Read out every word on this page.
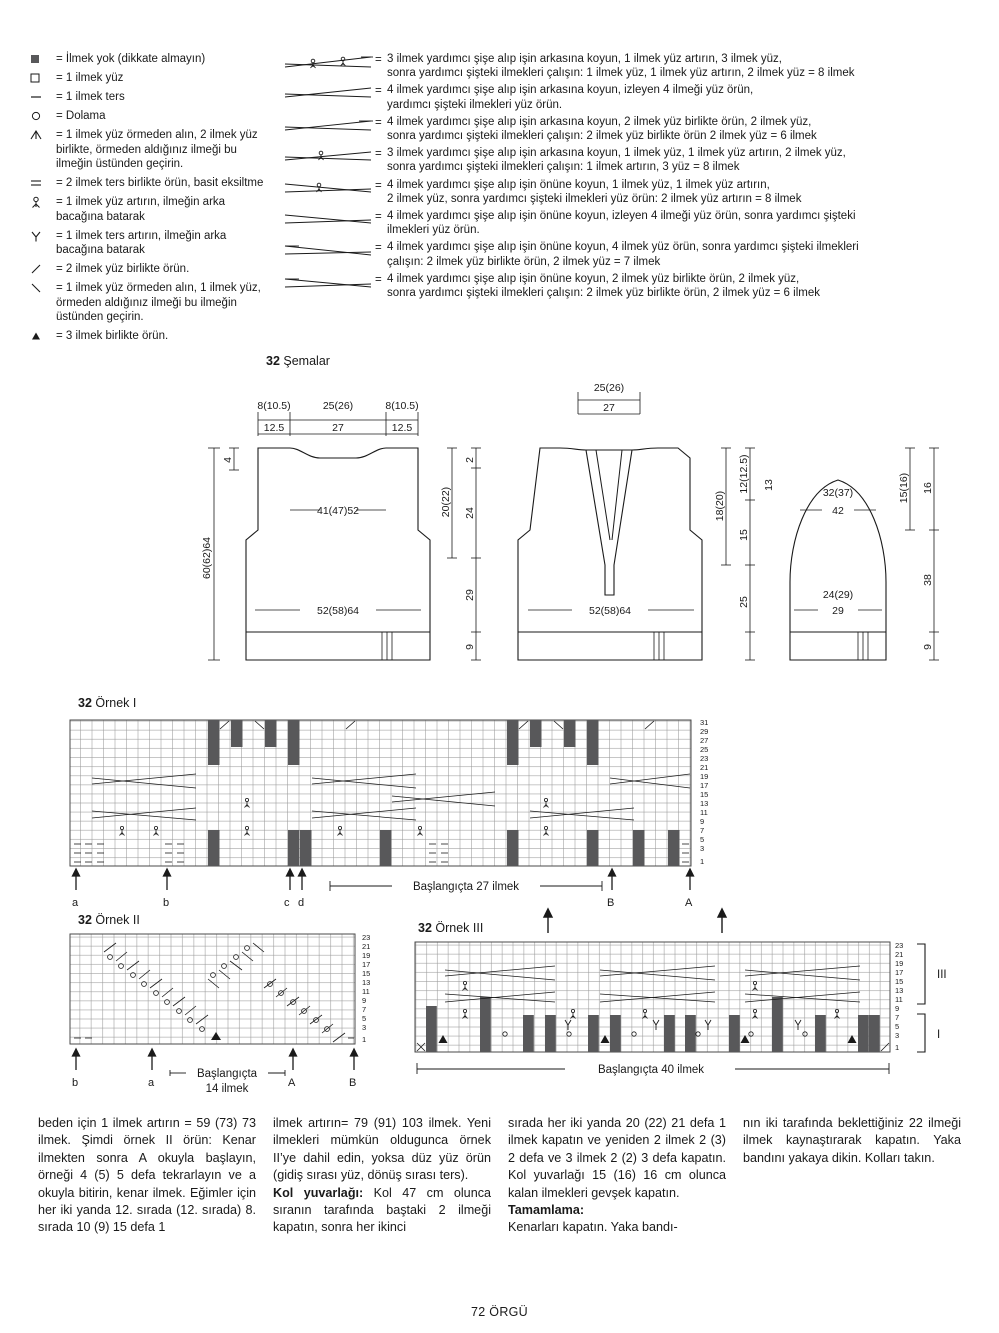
= İlmek yok (dikkate almayın)
= 1 ilmek yüz
= 1 ilmek ters
= Dolama
= 1 ilmek yüz örmeden alın, 2 ilmek yüz birlikte, örmeden aldığınız ilmeği bu ilmeğin üstünden geçirin.
= 2 ilmek ters birlikte örün, basit eksiltme
= 1 ilmek yüz artırın, ilmeğin arka bacağına batarak
= 1 ilmek ters artırın, ilmeğin arka bacağına batarak
= 2 ilmek yüz birlikte örün.
= 1 ilmek yüz örmeden alın, 1 ilmek yüz, örmeden aldığınız ilmeği bu ilmeğin üstünden geçirin.
= 3 ilmek birlikte örün.
= 3 ilmek yardımcı şişe alıp işin arkasına koyun, 1 ilmek yüz artırın, 3 ilmek yüz,
sonra yardımcı şişteki ilmekleri çalışın: 1 ilmek yüz, 1 ilmek yüz artırın, 2 ilmek yüz = 8 ilmek
= 4 ilmek yardımcı şişe alıp işin arkasına koyun, izleyen 4 ilmeği yüz örün,
yardımcı şişteki ilmekleri yüz örün.
= 4 ilmek yardımcı şişe alıp işin arkasına koyun, 2 ilmek yüz birlikte örün, 2 ilmek yüz,
sonra yardımcı şişteki ilmekleri çalışın: 2 ilmek yüz birlikte örün 2 ilmek yüz = 6 ilmek
= 3 ilmek yardımcı şişe alıp işin arkasına koyun, 1 ilmek yüz, 1 ilmek yüz artırın, 2 ilmek yüz,
sonra yardımcı şişteki ilmekleri çalışın: 1 ilmek artırın, 3 yüz = 8 ilmek
= 4 ilmek yardımcı şişe alıp işin önüne koyun, 1 ilmek yüz, 1 ilmek yüz artırın,
2 ilmek yüz, sonra yardımcı şişteki ilmekleri yüz örün: 2 ilmek yüz artırın = 8 ilmek
= 4 ilmek yardımcı şişe alıp işin önüne koyun, izleyen 4 ilmeği yüz örün, sonra yardımcı şişteki
ilmekleri yüz örün.
= 4 ilmek yardımcı şişe alıp işin önüne koyun, 4 ilmek yüz örün, sonra yardımcı şişteki ilmekleri
çalışın: 2 ilmek yüz birlikte örün, 2 ilmek yüz = 7 ilmek
= 4 ilmek yardımcı şişe alıp işin önüne koyun, 2 ilmek yüz birlikte örün, 2 ilmek yüz,
sonra yardımcı şişteki ilmekleri çalışın: 2 ilmek yüz birlikte örün, 2 ilmek yüz = 6 ilmek
32 Şemalar
8(10.5)	25(26)	8(10.5)
12.5	27	12.5
41(47)52
52(58)64
60(62)64
4	2
20(22) 24
29
9
25(26)
27
52(58)64
12(12.5)
18(20)
13
15
25
32(37)
42
24(29)
29
15(16) 16
38
9
32 Örnek I
31
29
27
25
23
21
19
17
15
13
11
9
7
5
3
1
a	b	c d	B	A
Başlangıçta 27 ilmek
32 Örnek II
23
21
19
17
15
13
11
9
7
5
3
1
b	a	A	B
Başlangıçta
14 ilmek
32 Örnek III
23
21
19
17
15
13
11
9
7
5
3
1
III
I
Başlangıçta 40 ilmek
beden için 1 ilmek artırın = 59 (73) 73 ilmek. Şimdi örnek II örün: Kenar ilmekten sonra A okuyla başlayın, örneği 4 (5) 5 defa tekrarlayın ve a okuyla bitirin, kenar ilmek. Eğimler için her iki yanda 12. sırada (12. sırada) 8. sırada 10 (9) 15 defa 1
ilmek artırın= 79 (91) 103 ilmek. Yeni ilmekleri mümkün oldugunca örnek II’ye dahil edin, yoksa düz yüz örün (gidiş sırası yüz, dönüş sırası ters).
Kol yuvarlağı: Kol 47 cm olunca sıranın tarafında baştaki 2 ilmeği kapatın, sonra her ikinci
sırada her iki yanda 20 (22) 21 defa 1 ilmek kapatın ve yeniden 2 ilmek 2 (3) 2 defa ve 3 ilmek 2 (2) 3 defa kapatın. Kol yuvarlağı 15 (16) 16 cm olunca kalan ilmekleri gevşek kapatın.
Tamamlama:
Kenarları kapatın. Yaka bandı-
nın iki tarafında beklettiğiniz 22 ilmeği ilmek kaynaştırarak kapatın. Yaka bandını yakaya dikin. Kolları takın.
72 ÖRGÜ
